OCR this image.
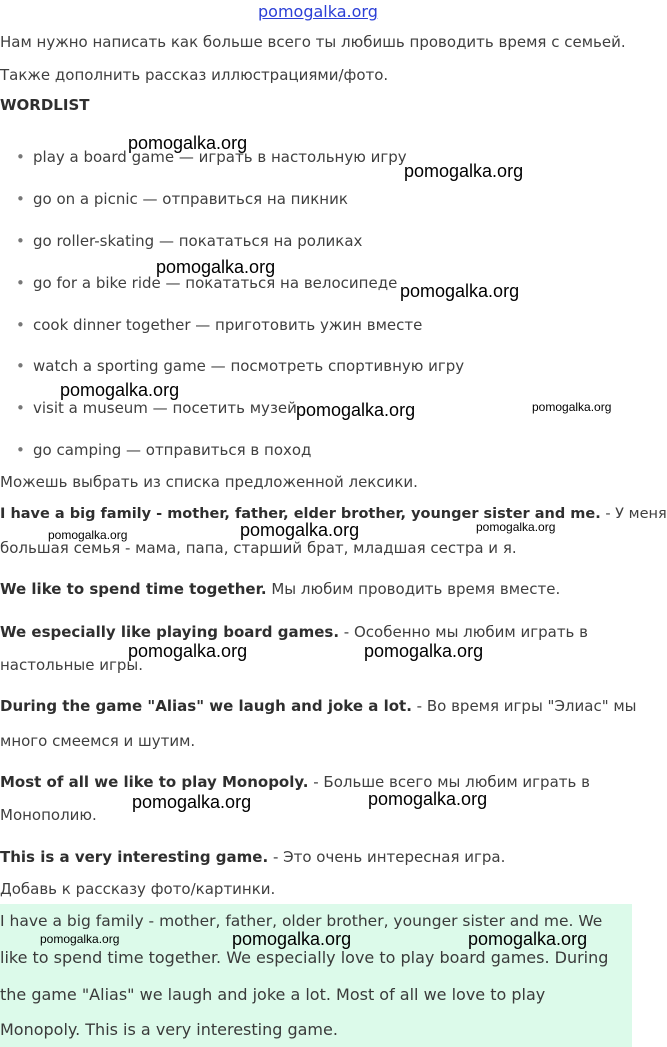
pomogalka.org
Нам нужно написать как больше всего ты любишь проводить время с семьей.
Также дополнить рассказ иллюстрациями/фото.
WORDLIST
• play a board game — играть в настольную игру
• go on a picnic — отправиться на пикник
• go roller-skating — покататься на роликах
• go for a bike ride — покататься на велосипеде
• cook dinner together — приготовить ужин вместе
• watch a sporting game — посмотреть спортивную игру
• visit a museum — посетить музей
• go camping — отправиться в поход
Можешь выбрать из списка предложенной лексики.
I have a big family - mother, father, elder brother, younger sister and me. - У меня
большая семья - мама, папа, старший брат, младшая сестра и я.
We like to spend time together. Мы любим проводить время вместе.
We especially like playing board games. - Особенно мы любим играть в
настольные игры.
During the game "Alias" we laugh and joke a lot. - Во время игры "Элиас" мы
много смеемся и шутим.
Most of all we like to play Monopoly. - Больше всего мы любим играть в
Монополию.
This is a very interesting game. - Это очень интересная игра.
Добавь к рассказу фото/картинки.
I have a big family - mother, father, older brother, younger sister and me. We
like to spend time together. We especially love to play board games. During
the game "Alias" we laugh and joke a lot. Most of all we love to play
Monopoly. This is a very interesting game.
pomogalka.org
pomogalka.org
pomogalka.org
pomogalka.org
pomogalka.org
pomogalka.org	pomogalka.org
pomogalka.org	pomogalka.org	pomogalka.org
pomogalka.org	pomogalka.org
pomogalka.org	pomogalka.org
pomogalka.org	pomogalka.org	pomogalka.org
